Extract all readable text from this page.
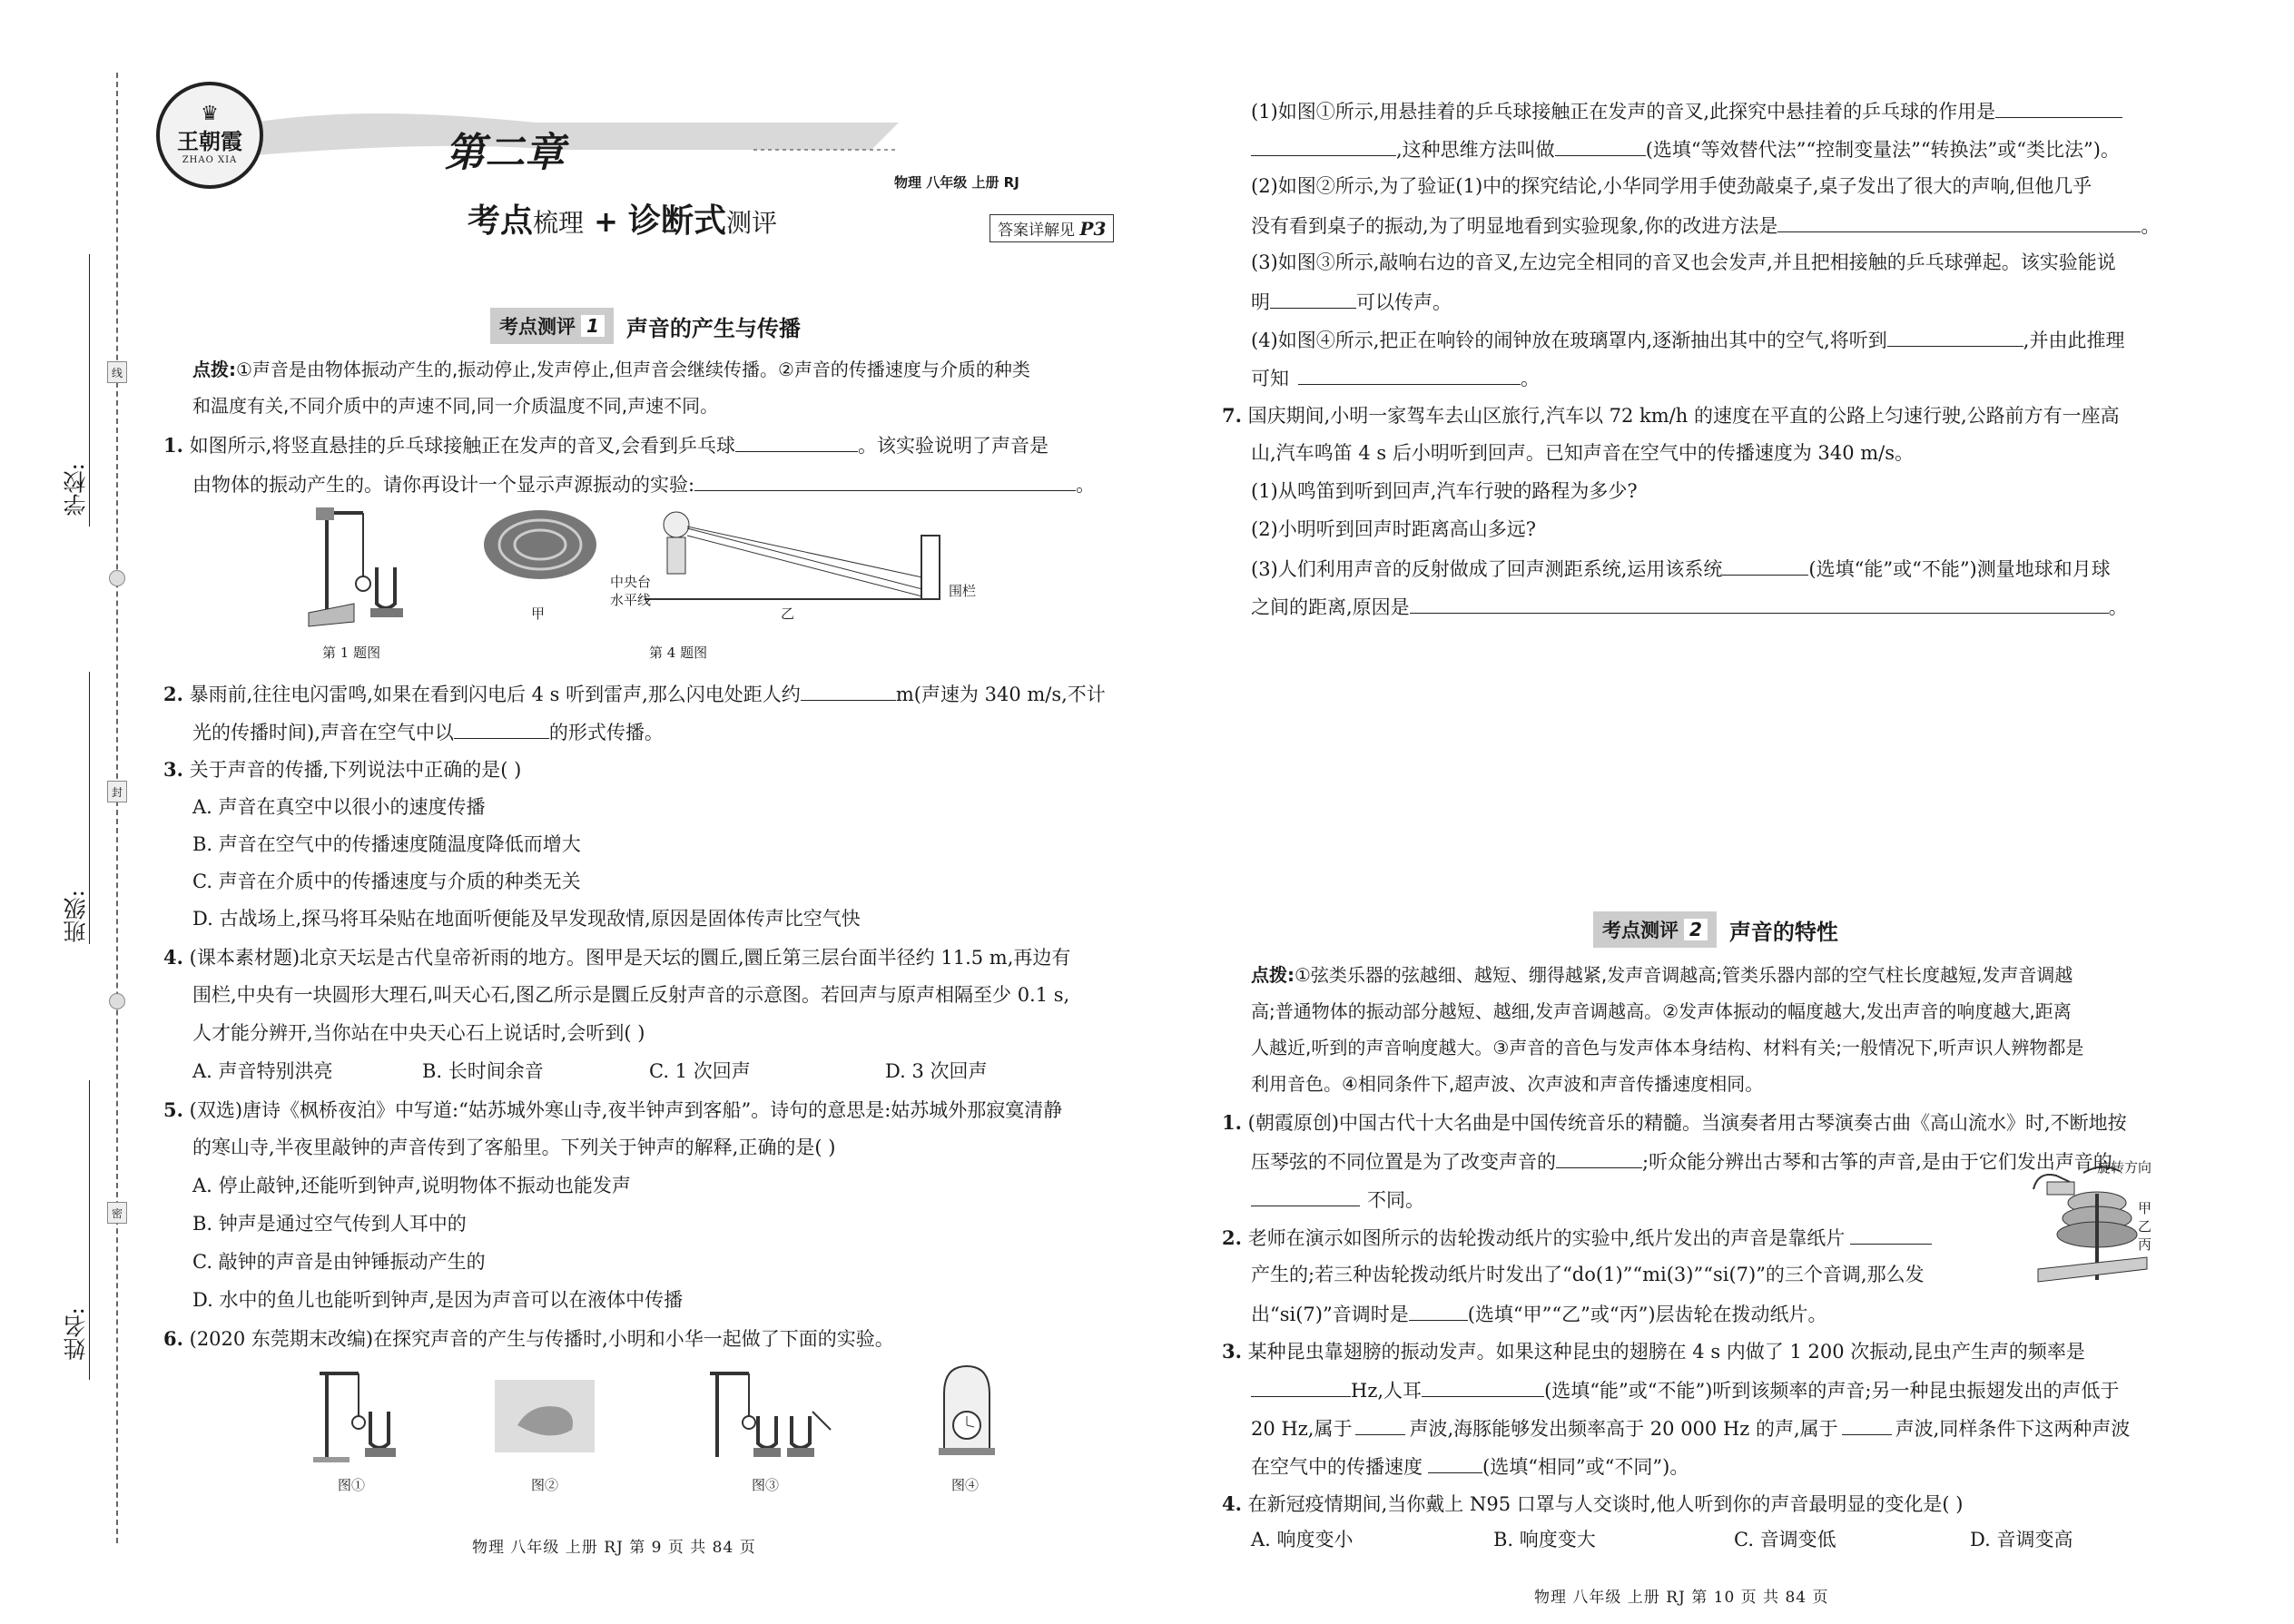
线
封
密
学校:
班级:
姓名:
♛
王朝霞
ZHAO XIA	第二章
考点梳理 + 诊断式测评
物理 八年级 上册 RJ
答案详解见 P3
考点测评 1 声音的产生与传播
点拨:①声音是由物体振动产生的,振动停止,发声停止,但声音会继续传播。②声音的传播速度与介质的种类
和温度有关,不同介质中的声速不同,同一介质温度不同,声速不同。
1. 如图所示,将竖直悬挂的乒乓球接触正在发声的音叉,会看到乒乓球	。该实验说明了声音是
由物体的振动产生的。请你再设计一个显示声源振动的实验:	。
第 1 题图
甲
中央台
水平线
乙
围栏
第 4 题图
2. 暴雨前,往往电闪雷鸣,如果在看到闪电后 4 s 听到雷声,那么闪电处距人约	m(声速为 340 m/s,不计
光的传播时间),声音在空气中以	的形式传播。
3. 关于声音的传播,下列说法中正确的是( )
A. 声音在真空中以很小的速度传播
B. 声音在空气中的传播速度随温度降低而增大
C. 声音在介质中的传播速度与介质的种类无关
D. 古战场上,探马将耳朵贴在地面听便能及早发现敌情,原因是固体传声比空气快
4. (课本素材题)北京天坛是古代皇帝祈雨的地方。图甲是天坛的圜丘,圜丘第三层台面半径约 11.5 m,再边有
围栏,中央有一块圆形大理石,叫天心石,图乙所示是圜丘反射声音的示意图。若回声与原声相隔至少 0.1 s,
人才能分辨开,当你站在中央天心石上说话时,会听到( )
A. 声音特别洪亮	B. 长时间余音	C. 1 次回声	D. 3 次回声
5. (双选)唐诗《枫桥夜泊》中写道:“姑苏城外寒山寺,夜半钟声到客船”。诗句的意思是:姑苏城外那寂寞清静
的寒山寺,半夜里敲钟的声音传到了客船里。下列关于钟声的解释,正确的是( )
A. 停止敲钟,还能听到钟声,说明物体不振动也能发声
B. 钟声是通过空气传到人耳中的
C. 敲钟的声音是由钟锤振动产生的
D. 水中的鱼儿也能听到钟声,是因为声音可以在液体中传播
6. (2020 东莞期末改编)在探究声音的产生与传播时,小明和小华一起做了下面的实验。
图①	图②	图③	图④
物理 八年级 上册 RJ 第 9 页 共 84 页
(1)如图①所示,用悬挂着的乒乓球接触正在发声的音叉,此探究中悬挂着的乒乓球的作用是
,这种思维方法叫做	(选填“等效替代法”“控制变量法”“转换法”或“类比法”)。
(2)如图②所示,为了验证(1)中的探究结论,小华同学用手使劲敲桌子,桌子发出了很大的声响,但他几乎
没有看到桌子的振动,为了明显地看到实验现象,你的改进方法是	。
(3)如图③所示,敲响右边的音叉,左边完全相同的音叉也会发声,并且把相接触的乒乓球弹起。该实验能说
明	可以传声。
(4)如图④所示,把正在响铃的闹钟放在玻璃罩内,逐渐抽出其中的空气,将听到	,并由此推理
可知	。
7. 国庆期间,小明一家驾车去山区旅行,汽车以 72 km/h 的速度在平直的公路上匀速行驶,公路前方有一座高
山,汽车鸣笛 4 s 后小明听到回声。已知声音在空气中的传播速度为 340 m/s。
(1)从鸣笛到听到回声,汽车行驶的路程为多少?
(2)小明听到回声时距离高山多远?
(3)人们利用声音的反射做成了回声测距系统,运用该系统	(选填“能”或“不能”)测量地球和月球
之间的距离,原因是	。
考点测评 2 声音的特性
点拨:①弦类乐器的弦越细、越短、绷得越紧,发声音调越高;管类乐器内部的空气柱长度越短,发声音调越
高;普通物体的振动部分越短、越细,发声音调越高。②发声体振动的幅度越大,发出声音的响度越大,距离
人越近,听到的声音响度越大。③声音的音色与发声体本身结构、材料有关;一般情况下,听声识人辨物都是
利用音色。④相同条件下,超声波、次声波和声音传播速度相同。
1. (朝霞原创)中国古代十大名曲是中国传统音乐的精髓。当演奏者用古琴演奏古曲《高山流水》时,不断地按
压琴弦的不同位置是为了改变声音的	;听众能分辨出古琴和古筝的声音,是由于它们发出声音的
不同。
2. 老师在演示如图所示的齿轮拨动纸片的实验中,纸片发出的声音是靠纸片
产生的;若三种齿轮拨动纸片时发出了“do(1)”“mi(3)”“si(7)”的三个音调,那么发
出“si(7)”音调时是	(选填“甲”“乙”或“丙”)层齿轮在拨动纸片。
旋转方向
甲
乙
丙
3. 某种昆虫靠翅膀的振动发声。如果这种昆虫的翅膀在 4 s 内做了 1 200 次振动,昆虫产生声的频率是
Hz,人耳	(选填“能”或“不能”)听到该频率的声音;另一种昆虫振翅发出的声低于
20 Hz,属于	声波,海豚能够发出频率高于 20 000 Hz 的声,属于	声波,同样条件下这两种声波
在空气中的传播速度	(选填“相同”或“不同”)。
4. 在新冠疫情期间,当你戴上 N95 口罩与人交谈时,他人听到你的声音最明显的变化是( )
A. 响度变小	B. 响度变大	C. 音调变低	D. 音调变高
物理 八年级 上册 RJ 第 10 页 共 84 页
